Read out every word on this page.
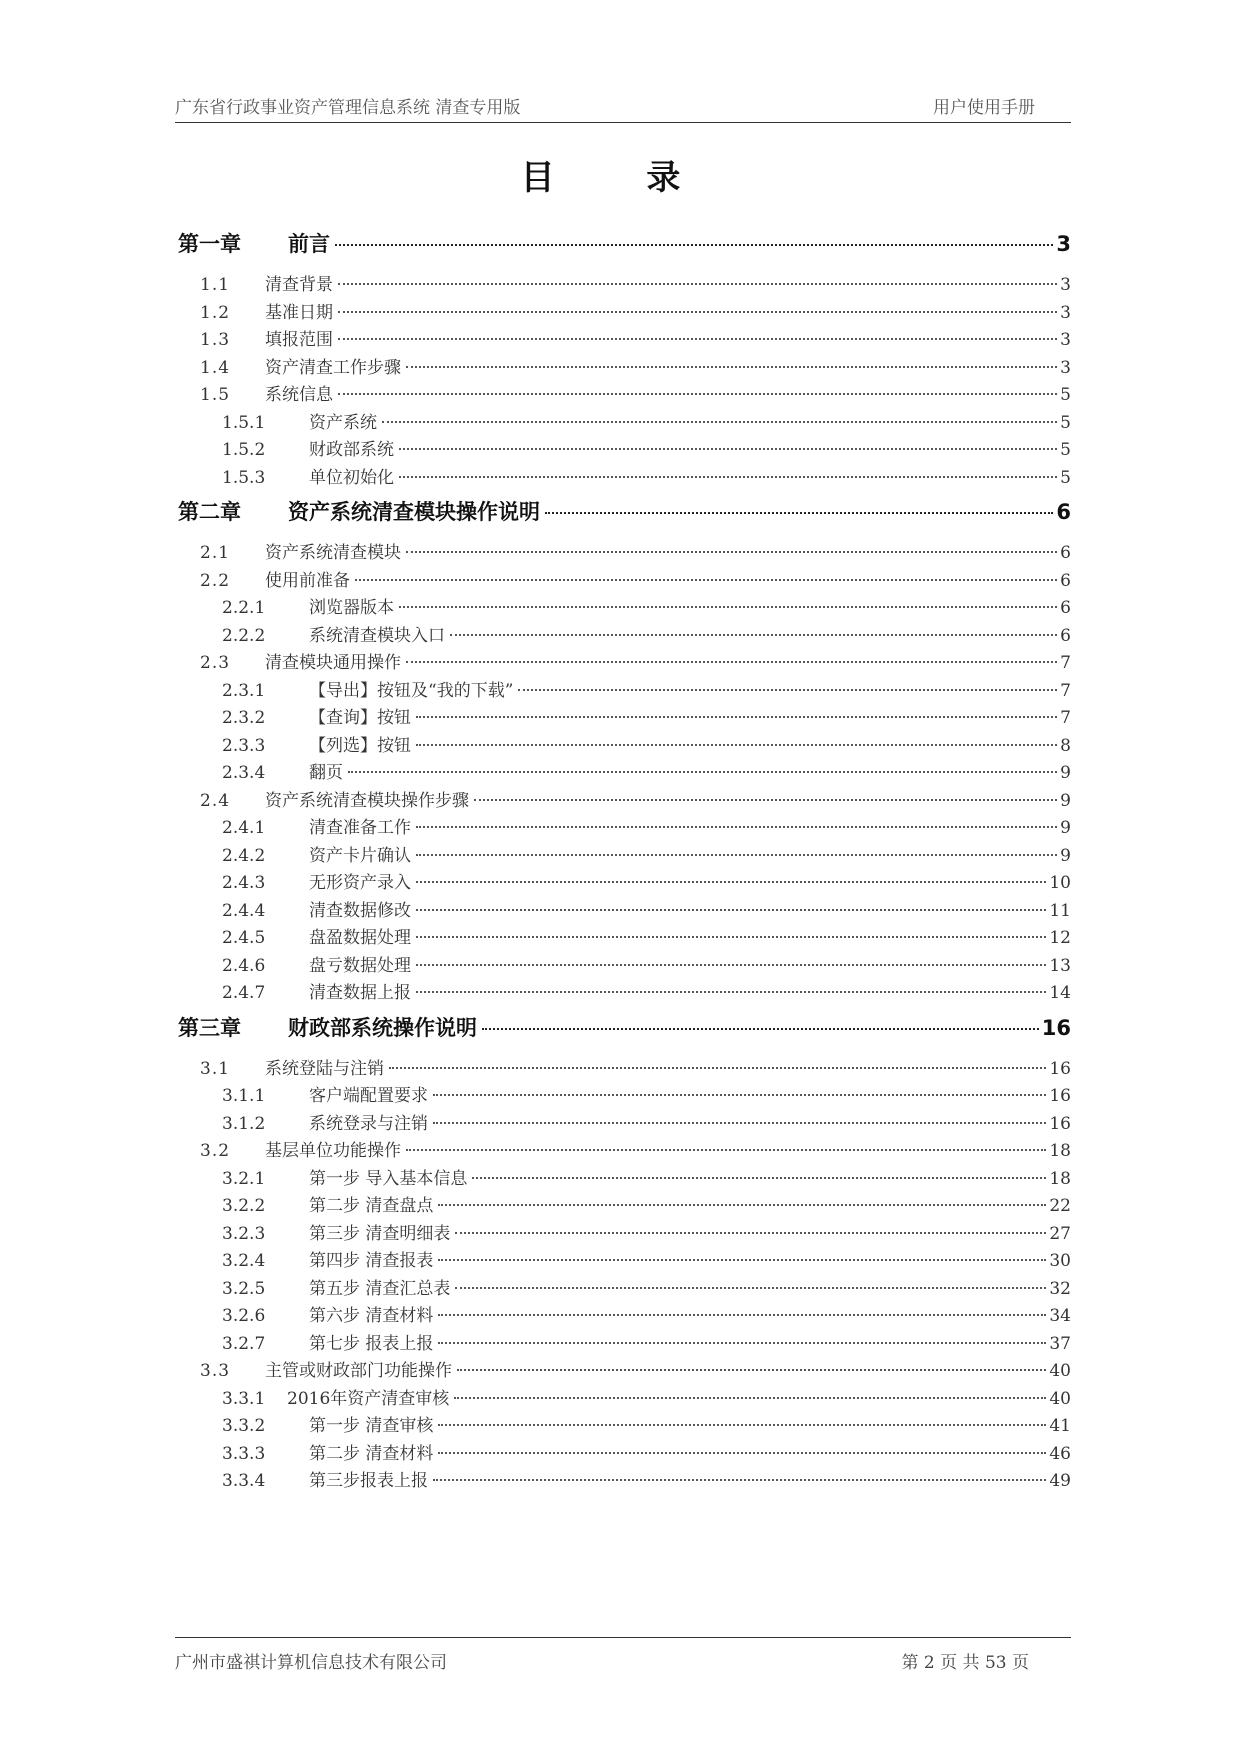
广东省行政事业资产管理信息系统 清查专用版	用户使用手册
目 录
第一章	前言	3
1.1	清查背景	3
1.2	基准日期	3
1.3	填报范围	3
1.4	资产清查工作步骤	3
1.5	系统信息	5
1.5.1	资产系统	5
1.5.2	财政部系统	5
1.5.3	单位初始化	5
第二章	资产系统清查模块操作说明	6
2.1	资产系统清查模块	6
2.2	使用前准备	6
2.2.1	浏览器版本	6
2.2.2	系统清查模块入口	6
2.3	清查模块通用操作	7
2.3.1	【导出】按钮及“我的下载”	7
2.3.2	【查询】按钮	7
2.3.3	【列选】按钮	8
2.3.4	翻页	9
2.4	资产系统清查模块操作步骤	9
2.4.1	清查准备工作	9
2.4.2	资产卡片确认	9
2.4.3	无形资产录入	10
2.4.4	清查数据修改	11
2.4.5	盘盈数据处理	12
2.4.6	盘亏数据处理	13
2.4.7	清查数据上报	14
第三章	财政部系统操作说明	16
3.1	系统登陆与注销	16
3.1.1	客户端配置要求	16
3.1.2	系统登录与注销	16
3.2	基层单位功能操作	18
3.2.1	第一步 导入基本信息	18
3.2.2	第二步 清查盘点	22
3.2.3	第三步 清查明细表	27
3.2.4	第四步 清查报表	30
3.2.5	第五步 清查汇总表	32
3.2.6	第六步 清查材料	34
3.2.7	第七步 报表上报	37
3.3	主管或财政部门功能操作	40
3.3.1	2016年资产清查审核	40
3.3.2	第一步 清查审核	41
3.3.3	第二步 清查材料	46
3.3.4	第三步报表上报	49
广州市盛祺计算机信息技术有限公司	第 2 页 共 53 页
